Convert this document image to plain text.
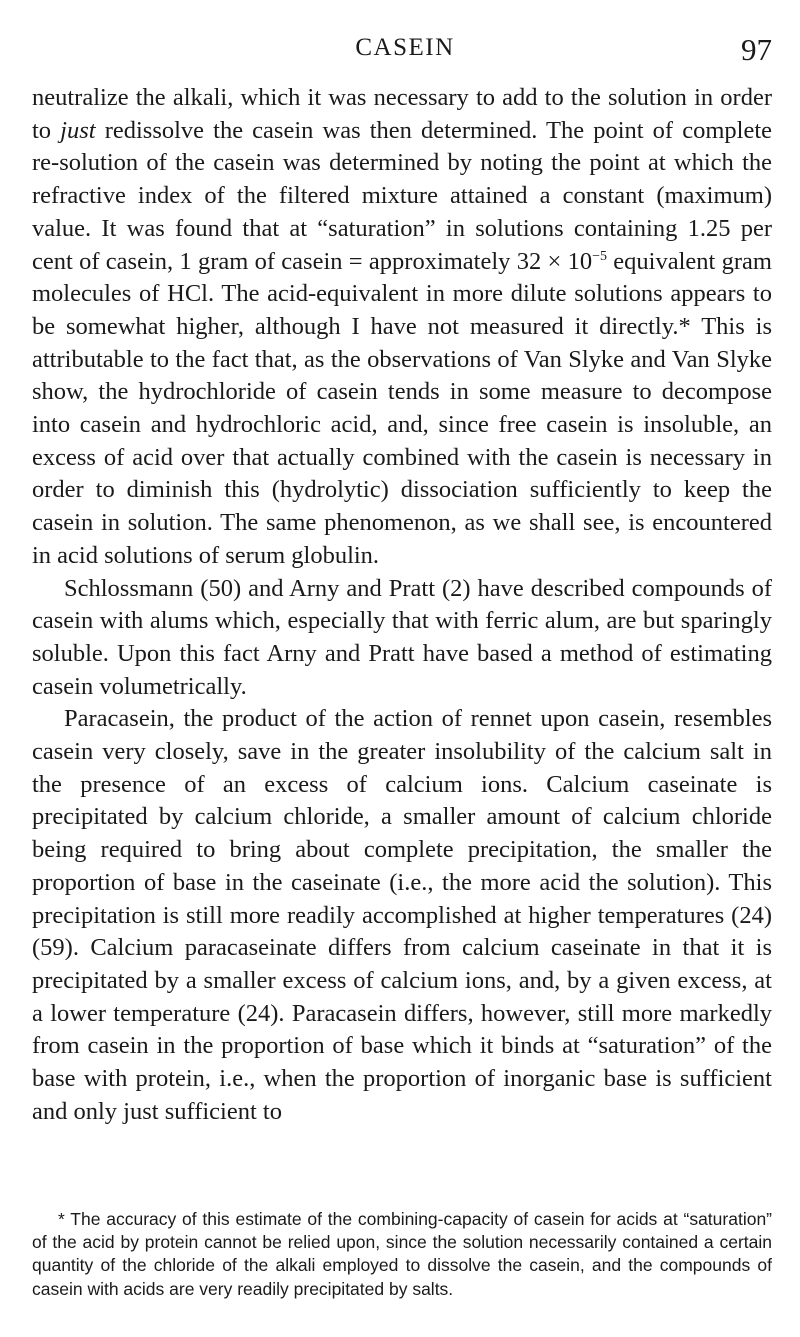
CASEIN	97

neutralize the alkali, which it was necessary to add to the solution in order to just redissolve the casein was then determined. The point of complete re-solution of the casein was determined by noting the point at which the refractive index of the filtered mixture attained a constant (maximum) value. It was found that at “saturation” in solutions containing 1.25 per cent of casein, 1 gram of casein = approximately $32 \times 10^{-5}$ equivalent gram molecules of HCl. The acid-equivalent in more dilute solutions appears to be somewhat higher, although I have not measured it directly.* This is attributable to the fact that, as the observations of Van Slyke and Van Slyke show, the hydrochloride of casein tends in some measure to decompose into casein and hydrochloric acid, and, since free casein is insoluble, an excess of acid over that actually combined with the casein is necessary in order to diminish this (hydrolytic) dissociation sufficiently to keep the casein in solution. The same phenomenon, as we shall see, is encountered in acid solutions of serum globulin.

Schlossmann (50) and Arny and Pratt (2) have described compounds of casein with alums which, especially that with ferric alum, are but sparingly soluble. Upon this fact Arny and Pratt have based a method of estimating casein volumetrically.

Paracasein, the product of the action of rennet upon casein, resembles casein very closely, save in the greater insolubility of the calcium salt in the presence of an excess of calcium ions. Calcium caseinate is precipitated by calcium chloride, a smaller amount of calcium chloride being required to bring about complete precipitation, the smaller the proportion of base in the caseinate (i.e., the more acid the solution). This precipitation is still more readily accomplished at higher temperatures (24) (59). Calcium paracaseinate differs from calcium caseinate in that it is precipitated by a smaller excess of calcium ions, and, by a given excess, at a lower temperature (24). Paracasein differs, however, still more markedly from casein in the proportion of base which it binds at “saturation” of the base with protein, i.e., when the proportion of inorganic base is sufficient and only just sufficient to

* The accuracy of this estimate of the combining-capacity of casein for acids at “saturation” of the acid by protein cannot be relied upon, since the solution necessarily contained a certain quantity of the chloride of the alkali employed to dissolve the casein, and the compounds of casein with acids are very readily precipitated by salts.
